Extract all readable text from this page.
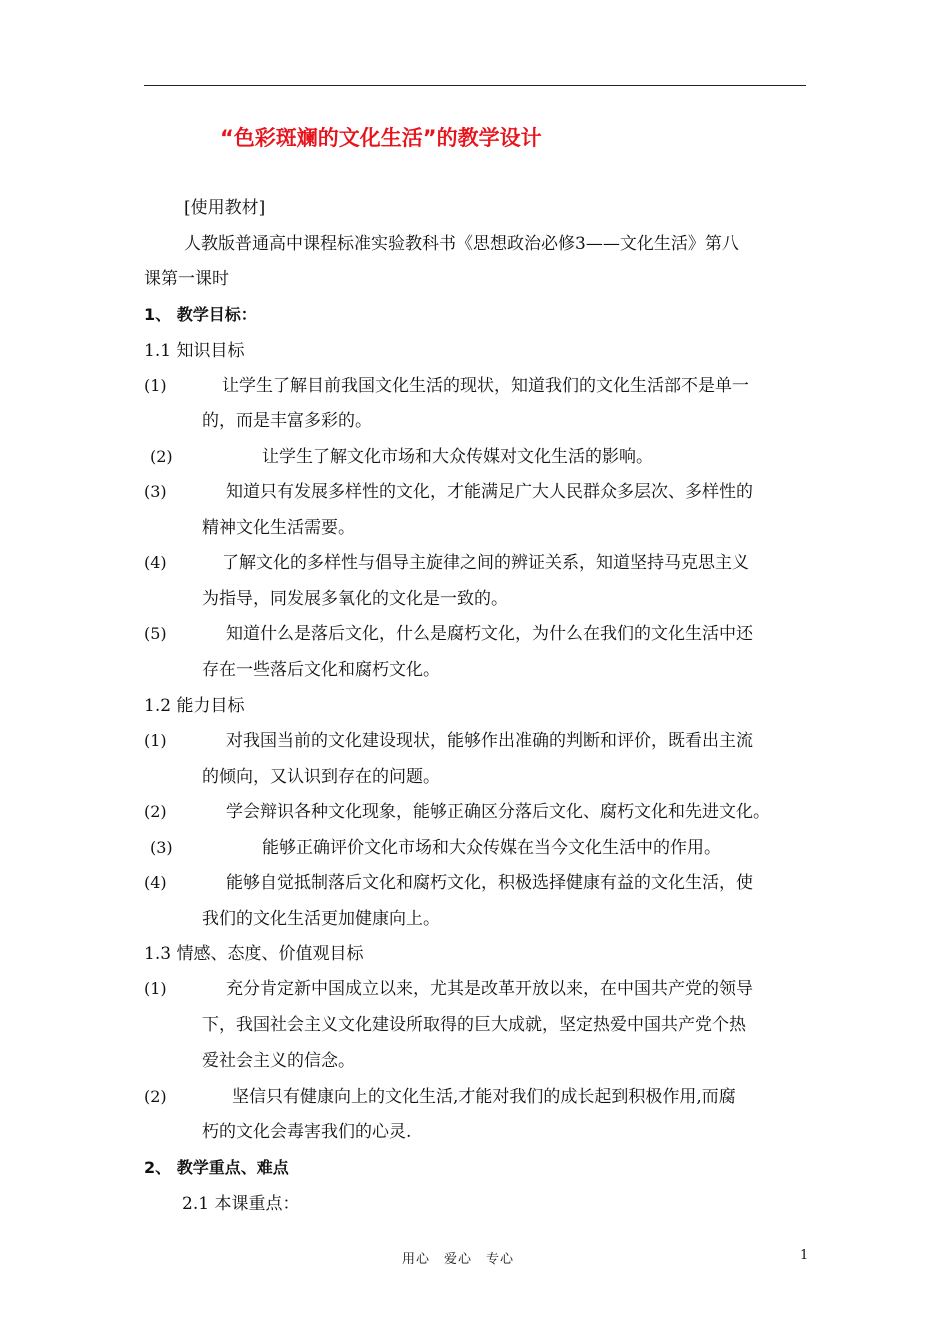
“色彩斑斓的文化生活”的教学设计
[使用教材]
人教版普通高中课程标准实验教科书《思想政治必修3——文化生活》第八
课第一课时
1、 教学目标：
1.1 知识目标
(1)	让学生了解目前我国文化生活的现状，知道我们的文化生活部不是单一
的，而是丰富多彩的。
(2)	让学生了解文化市场和大众传媒对文化生活的影响。
(3)	知道只有发展多样性的文化，才能满足广大人民群众多层次、多样性的
精神文化生活需要。
(4)	了解文化的多样性与倡导主旋律之间的辨证关系，知道坚持马克思主义
为指导，同发展多氧化的文化是一致的。
(5)	知道什么是落后文化，什么是腐朽文化，为什么在我们的文化生活中还
存在一些落后文化和腐朽文化。
1.2 能力目标
(1)	对我国当前的文化建设现状，能够作出准确的判断和评价，既看出主流
的倾向，又认识到存在的问题。
(2)	学会辩识各种文化现象，能够正确区分落后文化、腐朽文化和先进文化。
(3)	能够正确评价文化市场和大众传媒在当今文化生活中的作用。
(4)	能够自觉抵制落后文化和腐朽文化，积极选择健康有益的文化生活，使
我们的文化生活更加健康向上。
1.3 情感、态度、价值观目标
(1)	充分肯定新中国成立以来，尤其是改革开放以来，在中国共产党的领导
下，我国社会主义文化建设所取得的巨大成就，坚定热爱中国共产党个热
爱社会主义的信念。
(2)	坚信只有健康向上的文化生活,才能对我们的成长起到积极作用,而腐
朽的文化会毒害我们的心灵.
2、 教学重点、难点
2.1 本课重点：
用心　爱心　专心	1
